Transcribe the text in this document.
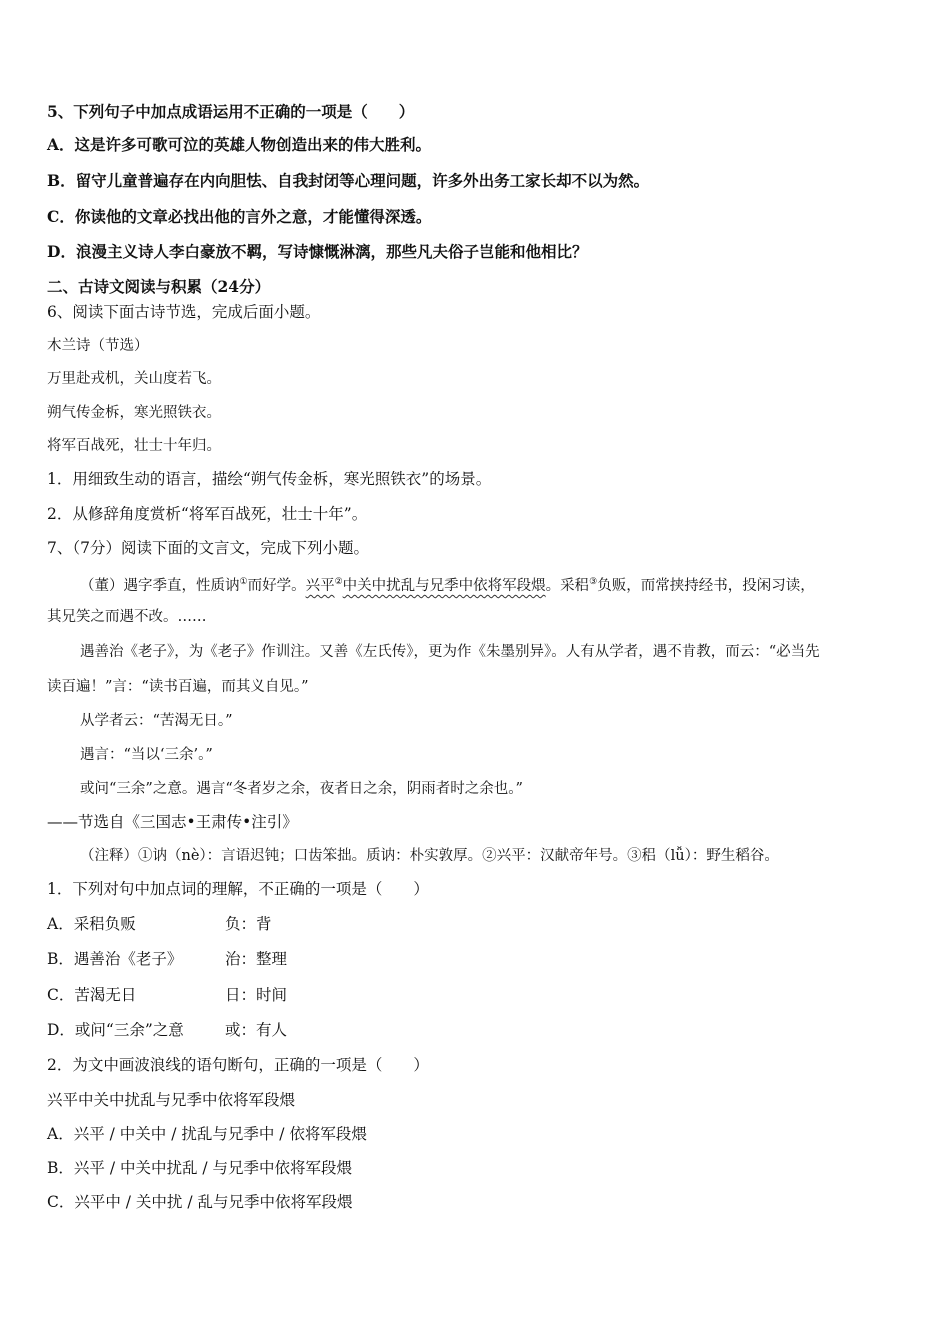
5、下列句子中加点成语运用不正确的一项是（　　）
A．这是许多可歌可泣的英雄人物创造出来的伟大胜利。
B．留守儿童普遍存在内向胆怯、自我封闭等心理问题，许多外出务工家长却不以为然。
C．你读他的文章必找出他的言外之意，才能懂得深透。
D．浪漫主义诗人李白豪放不羁，写诗慷慨淋漓，那些凡夫俗子岂能和他相比？
二、古诗文阅读与积累（24分）
6、阅读下面古诗节选，完成后面小题。
木兰诗（节选）
万里赴戎机，关山度若飞。
朔气传金柝，寒光照铁衣。
将军百战死，壮士十年归。
1．用细致生动的语言，描绘“朔气传金柝，寒光照铁衣”的场景。
2．从修辞角度赏析“将军百战死，壮士十年”。
7、（7分）阅读下面的文言文，完成下列小题。
（董）遇字季直，性质讷①而好学。兴平②中关中扰乱与兄季中依将军段煨。采稆③负贩，而常挟持经书，投闲习读，
其兄笑之而遇不改。……
遇善治《老子》，为《老子》作训注。又善《左氏传》，更为作《朱墨别异》。人有从学者，遇不肯教，而云：“必当先
读百遍！”言：“读书百遍，而其义自见。”
从学者云：“苦渴无日。”
遇言：“当以‘三余’。”
或问“三余”之意。遇言“冬者岁之余，夜者日之余，阴雨者时之余也。”
——节选自《三国志•王肃传•注引》
（注释）①讷（nè）：言语迟钝；口齿笨拙。质讷：朴实敦厚。②兴平：汉献帝年号。③稆（lǚ）：野生稻谷。
1．下列对句中加点词的理解，不正确的一项是（　　）
A．采稆负贩	负：背
B．遇善治《老子》	治：整理
C．苦渴无日	日：时间
D．或问“三余”之意	或：有人
2．为文中画波浪线的语句断句，正确的一项是（　　）
兴平中关中扰乱与兄季中依将军段煨
A．兴平 / 中关中 / 扰乱与兄季中 / 依将军段煨
B．兴平 / 中关中扰乱 / 与兄季中依将军段煨
C．兴平中 / 关中扰 / 乱与兄季中依将军段煨
